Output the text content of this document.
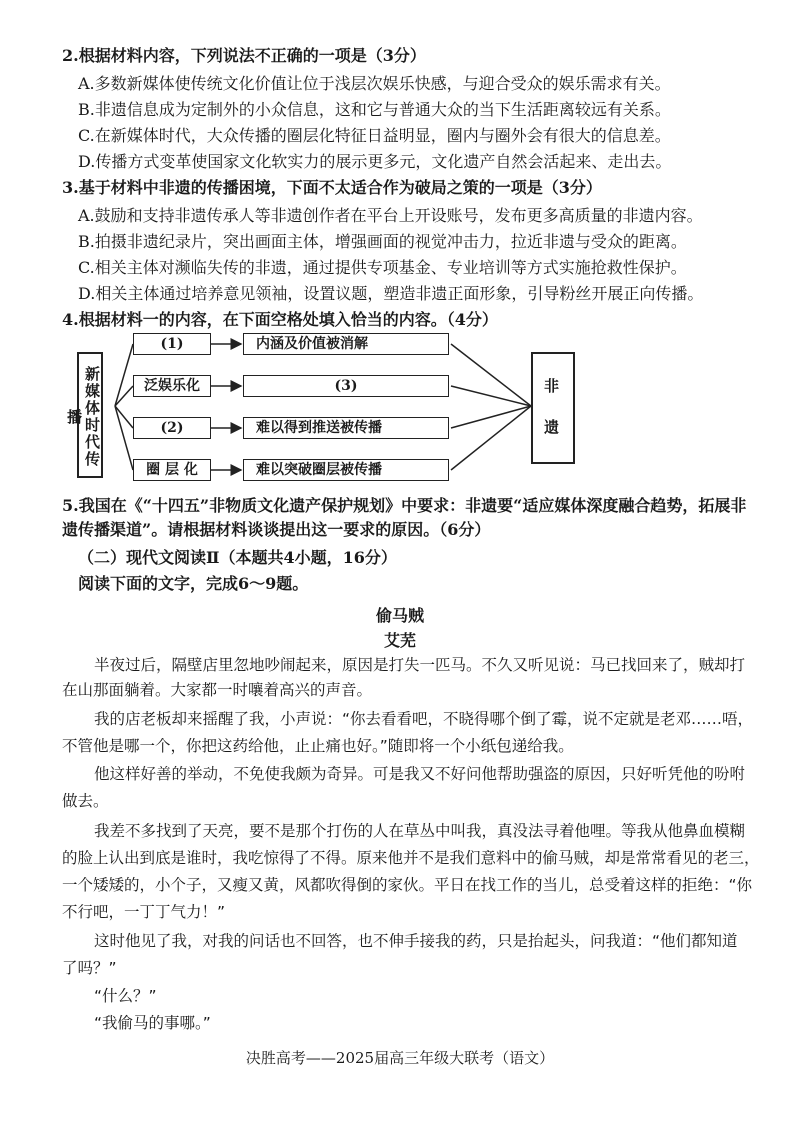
2.根据材料内容，下列说法不正确的一项是（3分）
A.多数新媒体使传统文化价值让位于浅层次娱乐快感，与迎合受众的娱乐需求有关。
B.非遗信息成为定制外的小众信息，这和它与普通大众的当下生活距离较远有关系。
C.在新媒体时代，大众传播的圈层化特征日益明显，圈内与圈外会有很大的信息差。
D.传播方式变革使国家文化软实力的展示更多元，文化遗产自然会活起来、走出去。
3.基于材料中非遗的传播困境，下面不太适合作为破局之策的一项是（3分）
A.鼓励和支持非遗传承人等非遗创作者在平台上开设账号，发布更多高质量的非遗内容。
B.拍摄非遗纪录片，突出画面主体，增强画面的视觉冲击力，拉近非遗与受众的距离。
C.相关主体对濒临失传的非遗，通过提供专项基金、专业培训等方式实施抢救性保护。
D.相关主体通过培养意见领袖，设置议题，塑造非遗正面形象，引导粉丝开展正向传播。
4.根据材料一的内容，在下面空格处填入恰当的内容。（4分）
新媒体时代传播
(1)
泛娱乐化
(2)
圈 层 化
内涵及价值被消解
(3)
难以得到推送被传播
难以突破圈层被传播
非遗
5.我国在《“十四五”非物质文化遗产保护规划》中要求：非遗要“适应媒体深度融合趋势，拓展非
遗传播渠道”。请根据材料谈谈提出这一要求的原因。（6分）
（二）现代文阅读Ⅱ（本题共4小题，16分）
阅读下面的文字，完成6～9题。
偷马贼
艾芜
半夜过后，隔壁店里忽地吵闹起来，原因是打失一匹马。不久又听见说：马已找回来了，贼却打
在山那面躺着。大家都一时嚷着高兴的声音。
我的店老板却来摇醒了我，小声说：“你去看看吧，不晓得哪个倒了霉，说不定就是老邓……唔，
不管他是哪一个，你把这药给他，止止痛也好。”随即将一个小纸包递给我。
他这样好善的举动，不免使我颇为奇异。可是我又不好问他帮助强盗的原因，只好听凭他的吩咐
做去。
我差不多找到了天亮，要不是那个打伤的人在草丛中叫我，真没法寻着他哩。等我从他鼻血模糊
的脸上认出到底是谁时，我吃惊得了不得。原来他并不是我们意料中的偷马贼，却是常常看见的老三，
一个矮矮的，小个子，又瘦又黄，风都吹得倒的家伙。平日在找工作的当儿，总受着这样的拒绝：“你
不行吧，一丁丁气力！”
这时他见了我，对我的问话也不回答，也不伸手接我的药，只是抬起头，问我道：“他们都知道
了吗？”
“什么？”
“我偷马的事哪。”
决胜高考——2025届高三年级大联考（语文）
